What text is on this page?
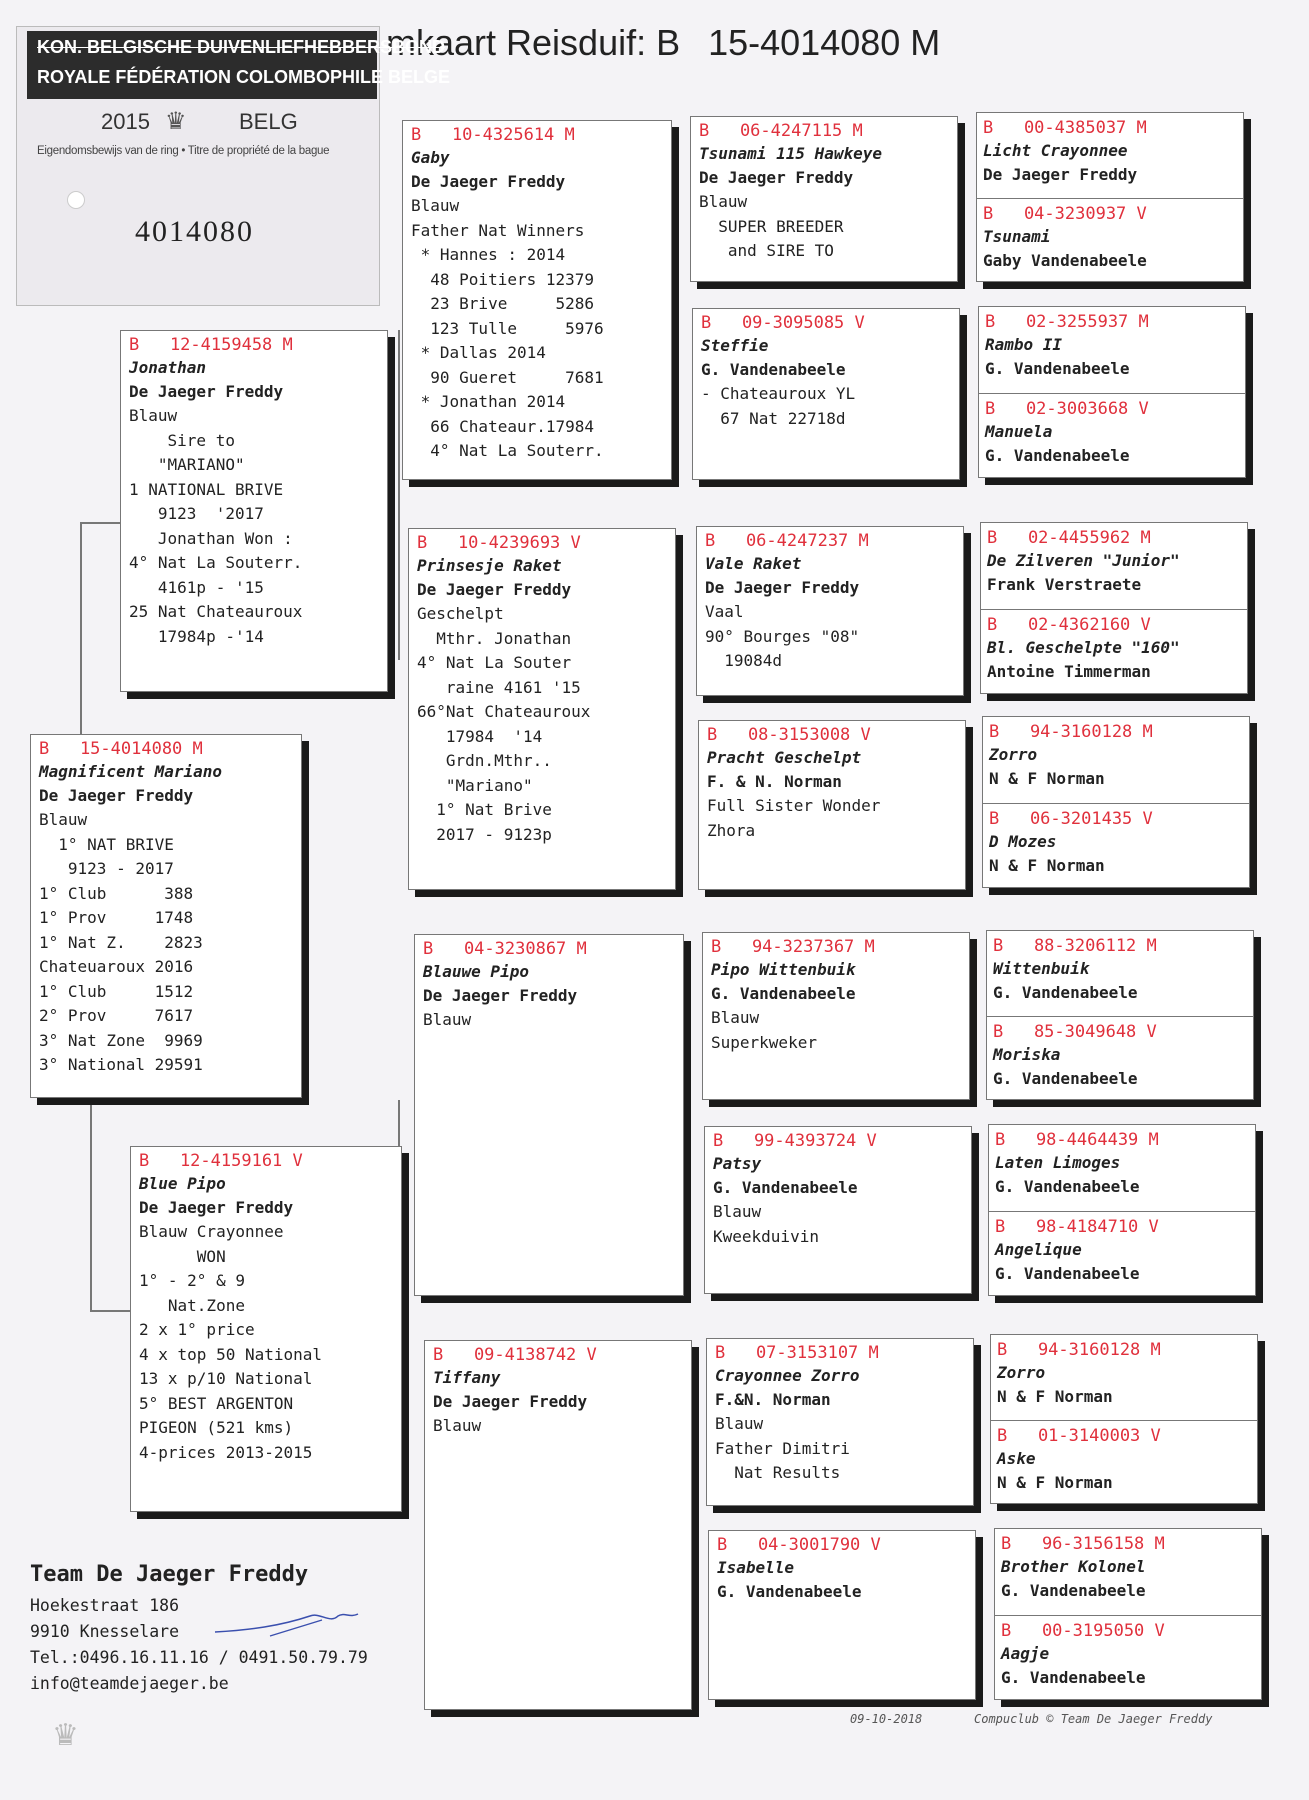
mkaart Reisduif: B 15-4014080 M
KON. BELGISCHE DUIVENLIEFHEBBERSBOND
ROYALE FÉDÉRATION COLOMBOPHILE BELGE
2015 ♛ BELG
Eigendomsbewijs van de ring • Titre de propriété de la bague
4014080
B   15-4014080 M
Magnificent Mariano
De Jaeger Freddy
Blauw
1° NAT BRIVE
9123 - 2017
1° Club      388
1° Prov     1748
1° Nat Z.    2823
Chateuaroux 2016
1° Club     1512
2° Prov     7617
3° Nat Zone  9969
3° National 29591
B   12-4159458 M
Jonathan
De Jaeger Freddy
Blauw
Sire to
"MARIANO"
1 NATIONAL BRIVE
9123  '2017
Jonathan Won :
4° Nat La Souterr.
4161p - '15
25 Nat Chateauroux
17984p -'14
B   12-4159161 V
Blue Pipo
De Jaeger Freddy
Blauw Crayonnee
WON
1° - 2° & 9
Nat.Zone
2 x 1° price
4 x top 50 National
13 x p/10 National
5° BEST ARGENTON
PIGEON (521 kms)
4-prices 2013-2015
B   10-4325614 M
Gaby
De Jaeger Freddy
Blauw
Father Nat Winners
* Hannes : 2014
48 Poitiers 12379
23 Brive     5286
123 Tulle     5976
* Dallas 2014
90 Gueret     7681
* Jonathan 2014
66 Chateaur.17984
4° Nat La Souterr.
B   10-4239693 V
Prinsesje Raket
De Jaeger Freddy
Geschelpt
Mthr. Jonathan
4° Nat La Souter
raine 4161 '15
66°Nat Chateauroux
17984  '14
Grdn.Mthr..
"Mariano"
1° Nat Brive
2017 - 9123p
B   04-3230867 M
Blauwe Pipo
De Jaeger Freddy
Blauw
B   09-4138742 V
Tiffany
De Jaeger Freddy
Blauw
B   06-4247115 M
Tsunami 115 Hawkeye
De Jaeger Freddy
Blauw
SUPER BREEDER
and SIRE TO
B   09-3095085 V
Steffie
G. Vandenabeele
- Chateauroux YL
67 Nat 22718d
B   06-4247237 M
Vale Raket
De Jaeger Freddy
Vaal
90° Bourges "08"
19084d
B   08-3153008 V
Pracht Geschelpt
F. & N. Norman
Full Sister Wonder
Zhora
B   94-3237367 M
Pipo Wittenbuik
G. Vandenabeele
Blauw
Superkweker
B   99-4393724 V
Patsy
G. Vandenabeele
Blauw
Kweekduivin
B   07-3153107 M
Crayonnee Zorro
F.&N. Norman
Blauw
Father Dimitri
Nat Results
B   04-3001790 V
Isabelle
G. Vandenabeele
B   00-4385037 M
Licht Crayonnee
De Jaeger Freddy
B   04-3230937 V
Tsunami
Gaby Vandenabeele
B   02-3255937 M
Rambo II
G. Vandenabeele
B   02-3003668 V
Manuela
G. Vandenabeele
B   02-4455962 M
De Zilveren "Junior"
Frank Verstraete
B   02-4362160 V
Bl. Geschelpte "160"
Antoine Timmerman
B   94-3160128 M
Zorro
N & F Norman
B   06-3201435 V
D Mozes
N & F Norman
B   88-3206112 M
Wittenbuik
G. Vandenabeele
B   85-3049648 V
Moriska
G. Vandenabeele
B   98-4464439 M
Laten Limoges
G. Vandenabeele
B   98-4184710 V
Angelique
G. Vandenabeele
B   94-3160128 M
Zorro
N & F Norman
B   01-3140003 V
Aske
N & F Norman
B   96-3156158 M
Brother Kolonel
G. Vandenabeele
B   00-3195050 V
Aagje
G. Vandenabeele
Team De Jaeger Freddy
Hoekestraat 186
9910 Knesselare
Tel.:0496.16.11.16 / 0491.50.79.79
info@teamdejaeger.be
♛	09-10-2018	Compuclub © Team De Jaeger Freddy
